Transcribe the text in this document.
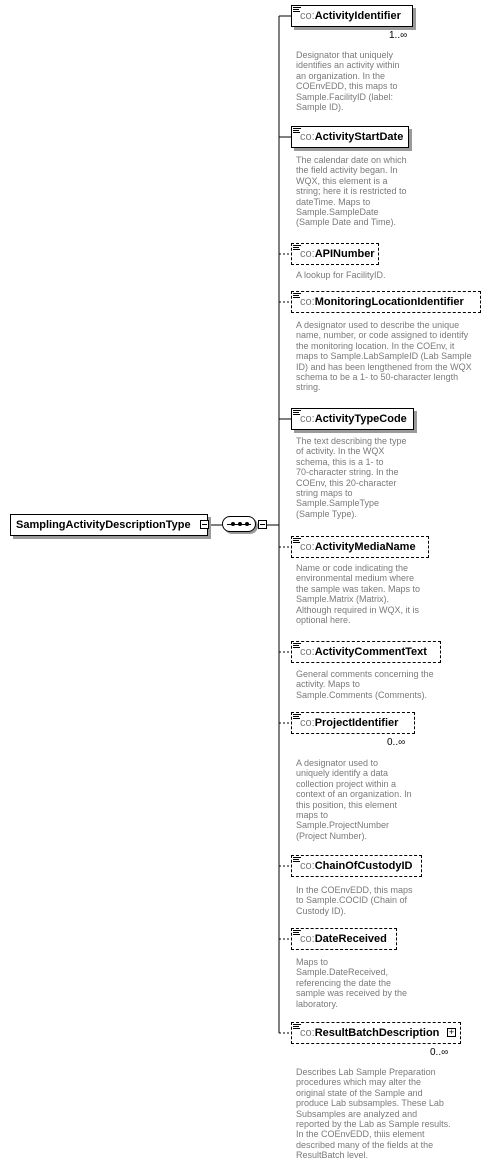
SamplingActivityDescriptionType
co:ActivityIdentifier
1..∞
Designator that uniquely
identifies an activity within
an organization. In the
COEnvEDD, this maps to
Sample.FacilityID (label:
Sample ID).
co:ActivityStartDate
The calendar date on which
the field activity began. In
WQX, this element is a
string; here it is restricted to
dateTime. Maps to
Sample.SampleDate
(Sample Date and Time).
co:APINumber
A lookup for FacilityID.
co:MonitoringLocationIdentifier
A designator used to describe the unique
name, number, or code assigned to identify
the monitoring location. In the COEnv, it
maps to Sample.LabSampleID (Lab Sample
ID) and has been lengthened from the WQX
schema to be a 1- to 50-character length
string.
co:ActivityTypeCode
The text describing the type
of activity. In the WQX
schema, this is a 1- to
70-character string. In the
COEnv, this 20-character
string maps to
Sample.SampleType
(Sample Type).
co:ActivityMediaName
Name or code indicating the
environmental medium where
the sample was taken. Maps to
Sample.Matrix (Matrix).
Although required in WQX, it is
optional here.
co:ActivityCommentText
General comments concerning the
activity. Maps to
Sample.Comments (Comments).
co:ProjectIdentifier
0..∞
A designator used to
uniquely identify a data
collection project within a
context of an organization. In
this position, this element
maps to
Sample.ProjectNumber
(Project Number).
co:ChainOfCustodyID
In the COEnvEDD, this maps
to Sample.COCID (Chain of
Custody ID).
co:DateReceived
Maps to
Sample.DateReceived,
referencing the date the
sample was received by the
laboratory.
co:ResultBatchDescription	+
0..∞
Describes Lab Sample Preparation
procedures which may alter the
original state of the Sample and
produce Lab subsamples. These Lab
Subsamples are analyzed and
reported by the Lab as Sample results.
In the COEnvEDD, thiis element
described many of the fields at the
ResultBatch level.
